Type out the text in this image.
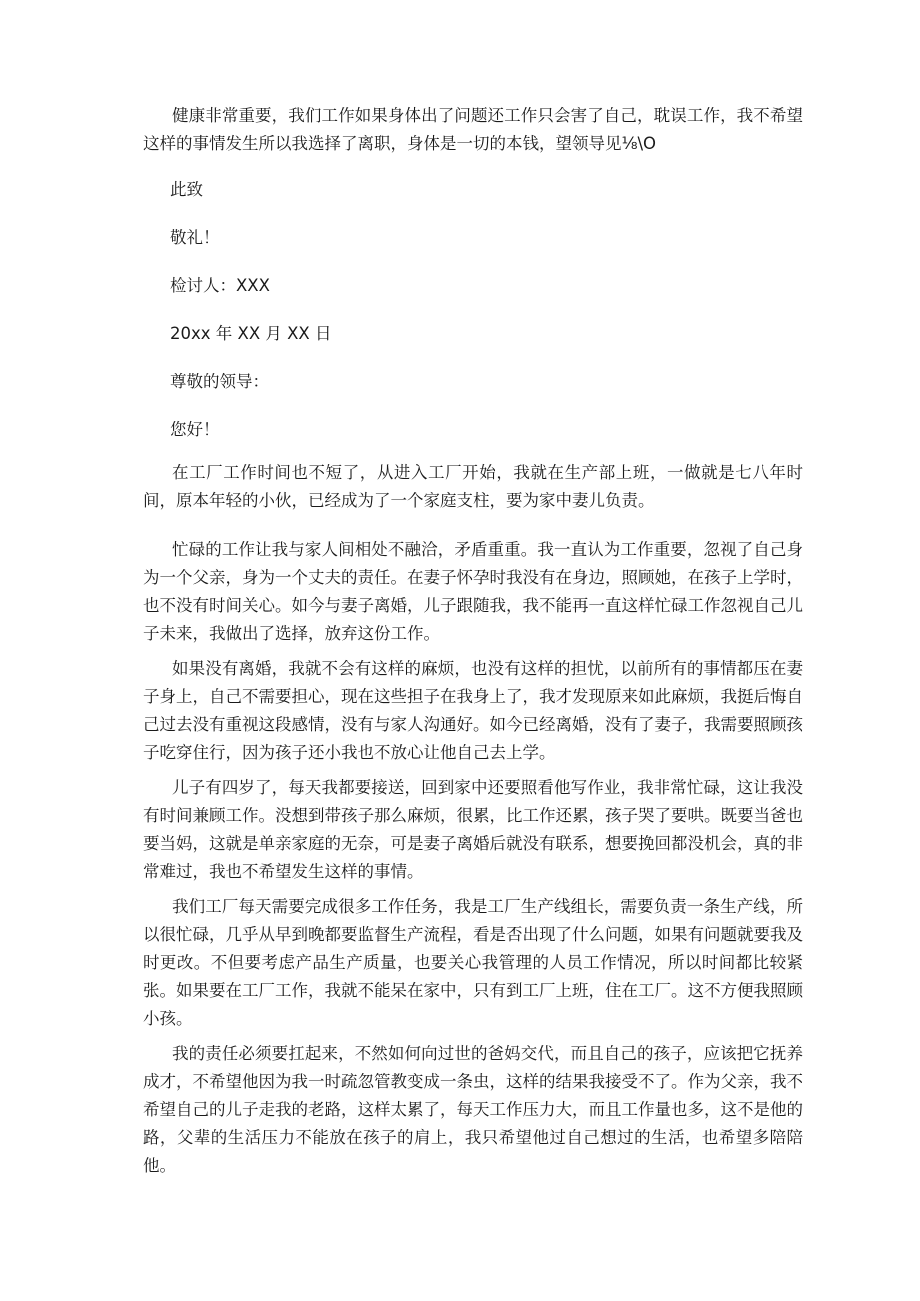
健康非常重要，我们工作如果身体出了问题还工作只会害了自己，耽误工作，我不希望这样的事情发生所以我选择了离职，身体是一切的本钱，望领导见⅛\O

此致
敬礼！
检讨人：XXX
20xx 年 XX 月 XX 日
尊敬的领导：
您好！

在工厂工作时间也不短了，从进入工厂开始，我就在生产部上班，一做就是七八年时间，原本年轻的小伙，已经成为了一个家庭支柱，要为家中妻儿负责。

忙碌的工作让我与家人间相处不融洽，矛盾重重。我一直认为工作重要，忽视了自己身为一个父亲，身为一个丈夫的责任。在妻子怀孕时我没有在身边，照顾她，在孩子上学时，也不没有时间关心。如今与妻子离婚，儿子跟随我，我不能再一直这样忙碌工作忽视自己儿子未来，我做出了选择，放弃这份工作。

如果没有离婚，我就不会有这样的麻烦，也没有这样的担忧，以前所有的事情都压在妻子身上，自己不需要担心，现在这些担子在我身上了，我才发现原来如此麻烦，我挺后悔自己过去没有重视这段感情，没有与家人沟通好。如今已经离婚，没有了妻子，我需要照顾孩子吃穿住行，因为孩子还小我也不放心让他自己去上学。

儿子有四岁了，每天我都要接送，回到家中还要照看他写作业，我非常忙碌，这让我没有时间兼顾工作。没想到带孩子那么麻烦，很累，比工作还累，孩子哭了要哄。既要当爸也要当妈，这就是单亲家庭的无奈，可是妻子离婚后就没有联系，想要挽回都没机会，真的非常难过，我也不希望发生这样的事情。

我们工厂每天需要完成很多工作任务，我是工厂生产线组长，需要负责一条生产线，所以很忙碌，几乎从早到晚都要监督生产流程，看是否出现了什么问题，如果有问题就要我及时更改。不但要考虑产品生产质量，也要关心我管理的人员工作情况，所以时间都比较紧张。如果要在工厂工作，我就不能呆在家中，只有到工厂上班，住在工厂。这不方便我照顾小孩。

我的责任必须要扛起来，不然如何向过世的爸妈交代，而且自己的孩子，应该把它抚养成才，不希望他因为我一时疏忽管教变成一条虫，这样的结果我接受不了。作为父亲，我不希望自己的儿子走我的老路，这样太累了，每天工作压力大，而且工作量也多，这不是他的路，父辈的生活压力不能放在孩子的肩上，我只希望他过自己想过的生活，也希望多陪陪他。
